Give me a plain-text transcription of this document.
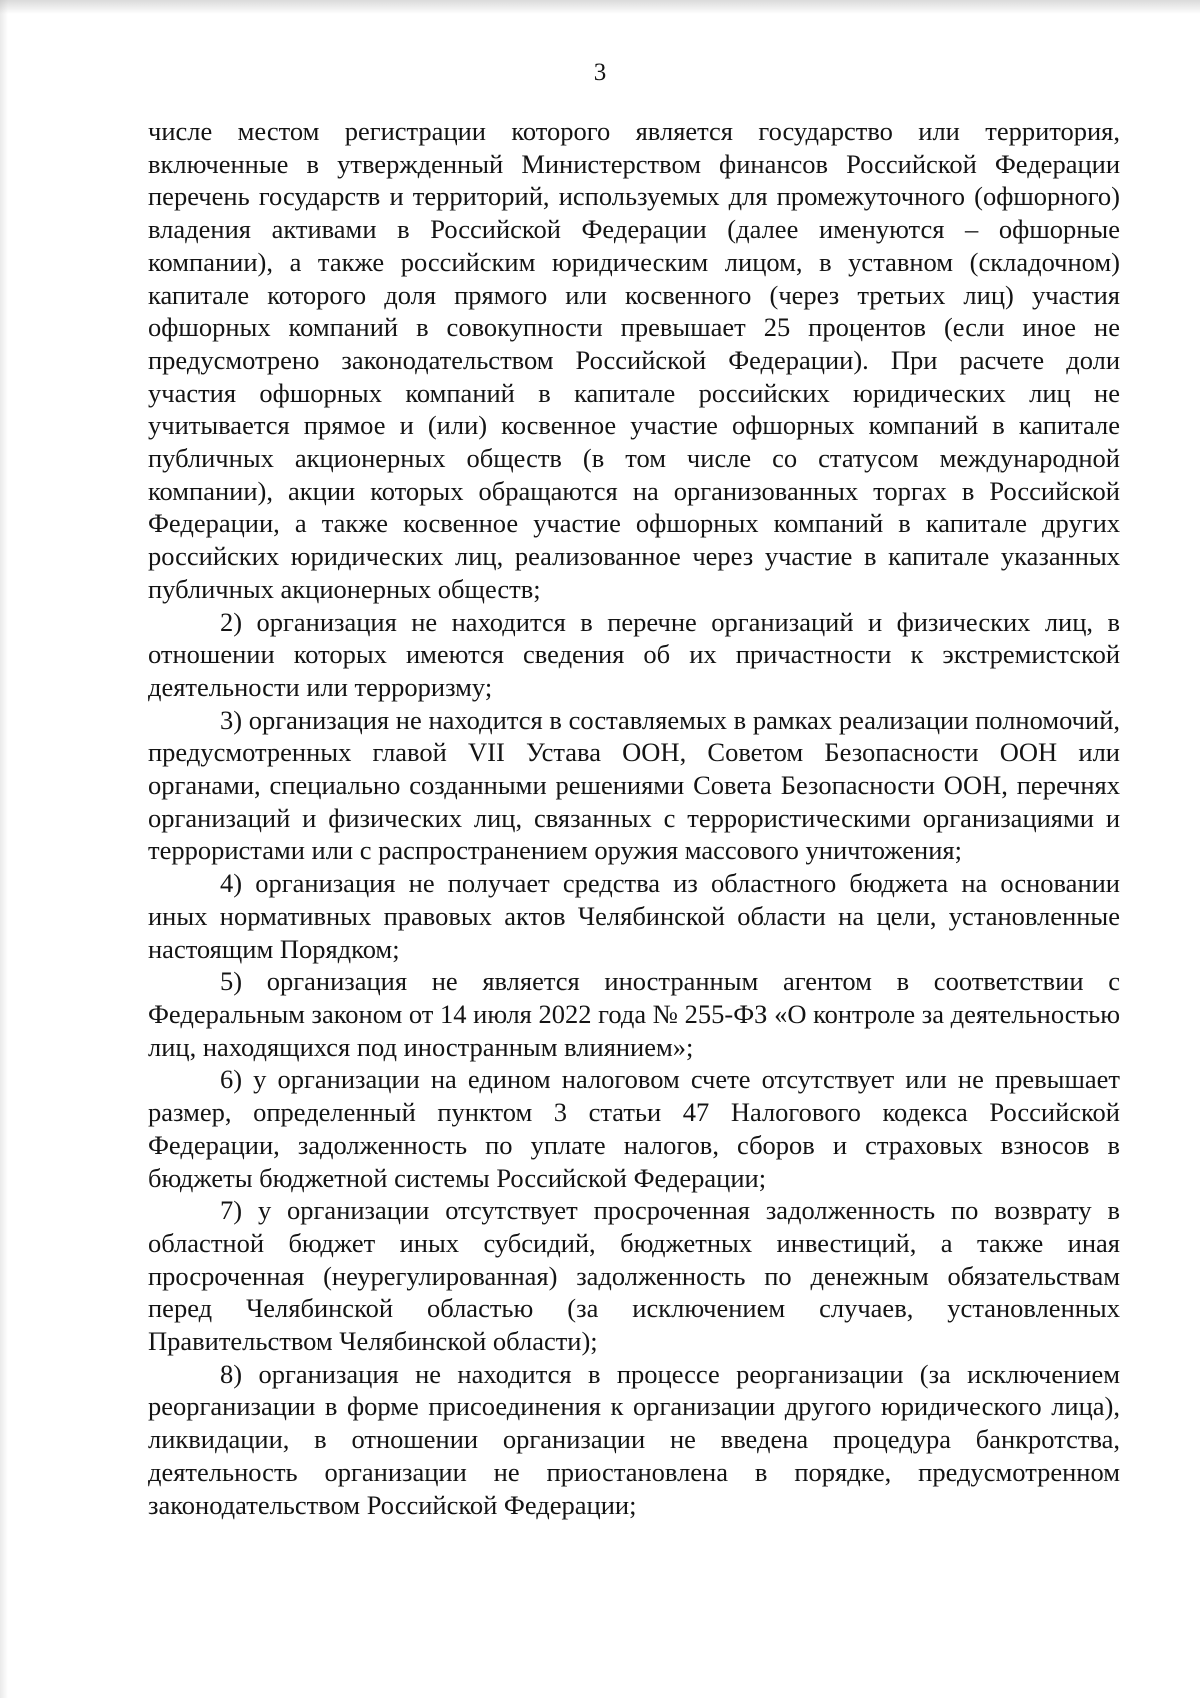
3

числе местом регистрации которого является государство или территория, включенные в утвержденный Министерством финансов Российской Федерации перечень государств и территорий, используемых для промежуточного (офшорного) владения активами в Российской Федерации (далее именуются – офшорные компании), а также российским юридическим лицом, в уставном (складочном) капитале которого доля прямого или косвенного (через третьих лиц) участия офшорных компаний в совокупности превышает 25 процентов (если иное не предусмотрено законодательством Российской Федерации). При расчете доли участия офшорных компаний в капитале российских юридических лиц не учитывается прямое и (или) косвенное участие офшорных компаний в капитале публичных акционерных обществ (в том числе со статусом международной компании), акции которых обращаются на организованных торгах в Российской Федерации, а также косвенное участие офшорных компаний в капитале других российских юридических лиц, реализованное через участие в капитале указанных публичных акционерных обществ;

2) организация не находится в перечне организаций и физических лиц, в отношении которых имеются сведения об их причастности к экстремистской деятельности или терроризму;

3) организация не находится в составляемых в рамках реализации полномочий, предусмотренных главой VII Устава ООН, Советом Безопасности ООН или органами, специально созданными решениями Совета Безопасности ООН, перечнях организаций и физических лиц, связанных с террористическими организациями и террористами или с распространением оружия массового уничтожения;

4) организация не получает средства из областного бюджета на основании иных нормативных правовых актов Челябинской области на цели, установленные настоящим Порядком;

5) организация не является иностранным агентом в соответствии с Федеральным законом от 14 июля 2022 года № 255-ФЗ «О контроле за деятельностью лиц, находящихся под иностранным влиянием»;

6) у организации на едином налоговом счете отсутствует или не превышает размер, определенный пунктом 3 статьи 47 Налогового кодекса Российской Федерации, задолженность по уплате налогов, сборов и страховых взносов в бюджеты бюджетной системы Российской Федерации;

7) у организации отсутствует просроченная задолженность по возврату в областной бюджет иных субсидий, бюджетных инвестиций, а также иная просроченная (неурегулированная) задолженность по денежным обязательствам перед Челябинской областью (за исключением случаев, установленных Правительством Челябинской области);

8) организация не находится в процессе реорганизации (за исключением реорганизации в форме присоединения к организации другого юридического лица), ликвидации, в отношении организации не введена процедура банкротства, деятельность организации не приостановлена в порядке, предусмотренном законодательством Российской Федерации;
